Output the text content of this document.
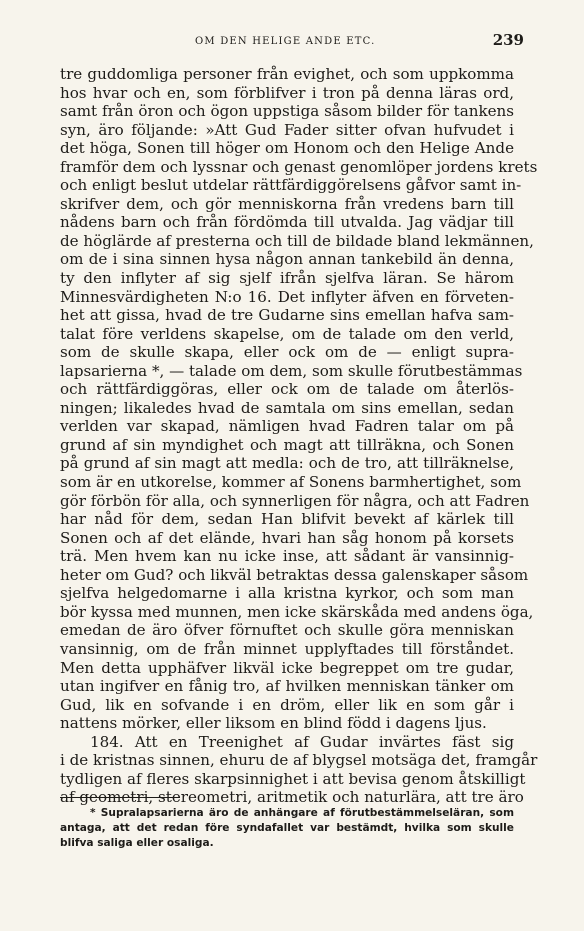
OM DEN HELIGE ANDE ETC.	239
tre guddomliga personer från evighet, och som uppkomma
hos hvar och en, som förblifver i tron på denna läras ord,
samt från öron och ögon uppstiga såsom bilder för tankens
syn, äro följande: »Att Gud Fader sitter ofvan hufvudet i
det höga, Sonen till höger om Honom och den Helige Ande
framför dem och lyssnar och genast genomlöper jordens krets
och enligt beslut utdelar rättfärdiggörelsens gåfvor samt in-
skrifver dem, och gör menniskorna från vredens barn till
nådens barn och från fördömda till utvalda. Jag vädjar till
de höglärde af presterna och till de bildade bland lekmännen,
om de i sina sinnen hysa någon annan tankebild än denna,
ty den inflyter af sig sjelf ifrån sjelfva läran. Se härom
Minnesvärdigheten N:o 16. Det inflyter äfven en förveten-
het att gissa, hvad de tre Gudarne sins emellan hafva sam-
talat före verldens skapelse, om de talade om den verld,
som de skulle skapa, eller ock om de — enligt supra-
lapsarierna *, — talade om dem, som skulle förutbestämmas
och rättfärdiggöras, eller ock om de talade om återlös-
ningen; likaledes hvad de samtala om sins emellan, sedan
verlden var skapad, nämligen hvad Fadren talar om på
grund af sin myndighet och magt att tillräkna, och Sonen
på grund af sin magt att medla: och de tro, att tillräknelse,
som är en utkorelse, kommer af Sonens barmhertighet, som
gör förbön för alla, och synnerligen för några, och att Fadren
har nåd för dem, sedan Han blifvit bevekt af kärlek till
Sonen och af det elände, hvari han såg honom på korsets
trä. Men hvem kan nu icke inse, att sådant är vansinnig-
heter om Gud? och likväl betraktas dessa galenskaper såsom
sjelfva helgedomarne i alla kristna kyrkor, och som man
bör kyssa med munnen, men icke skärskåda med andens öga,
emedan de äro öfver förnuftet och skulle göra menniskan
vansinnig, om de från minnet upplyftades till förståndet.
Men detta upphäfver likväl icke begreppet om tre gudar,
utan ingifver en fånig tro, af hvilken menniskan tänker om
Gud, lik en sofvande i en dröm, eller lik en som går i
nattens mörker, eller liksom en blind född i dagens ljus.
184. Att en Treenighet af Gudar invärtes fäst sig
i de kristnas sinnen, ehuru de af blygsel motsäga det, framgår
tydligen af fleres skarpsinnighet i att bevisa genom åtskilligt
af geometri, stereometri, aritmetik och naturlära, att tre äro
* Supralapsarierna äro de anhängare af förutbestämmelseläran, som
antaga, att det redan före syndafallet var bestämdt, hvilka som skulle
blifva saliga eller osaliga.
